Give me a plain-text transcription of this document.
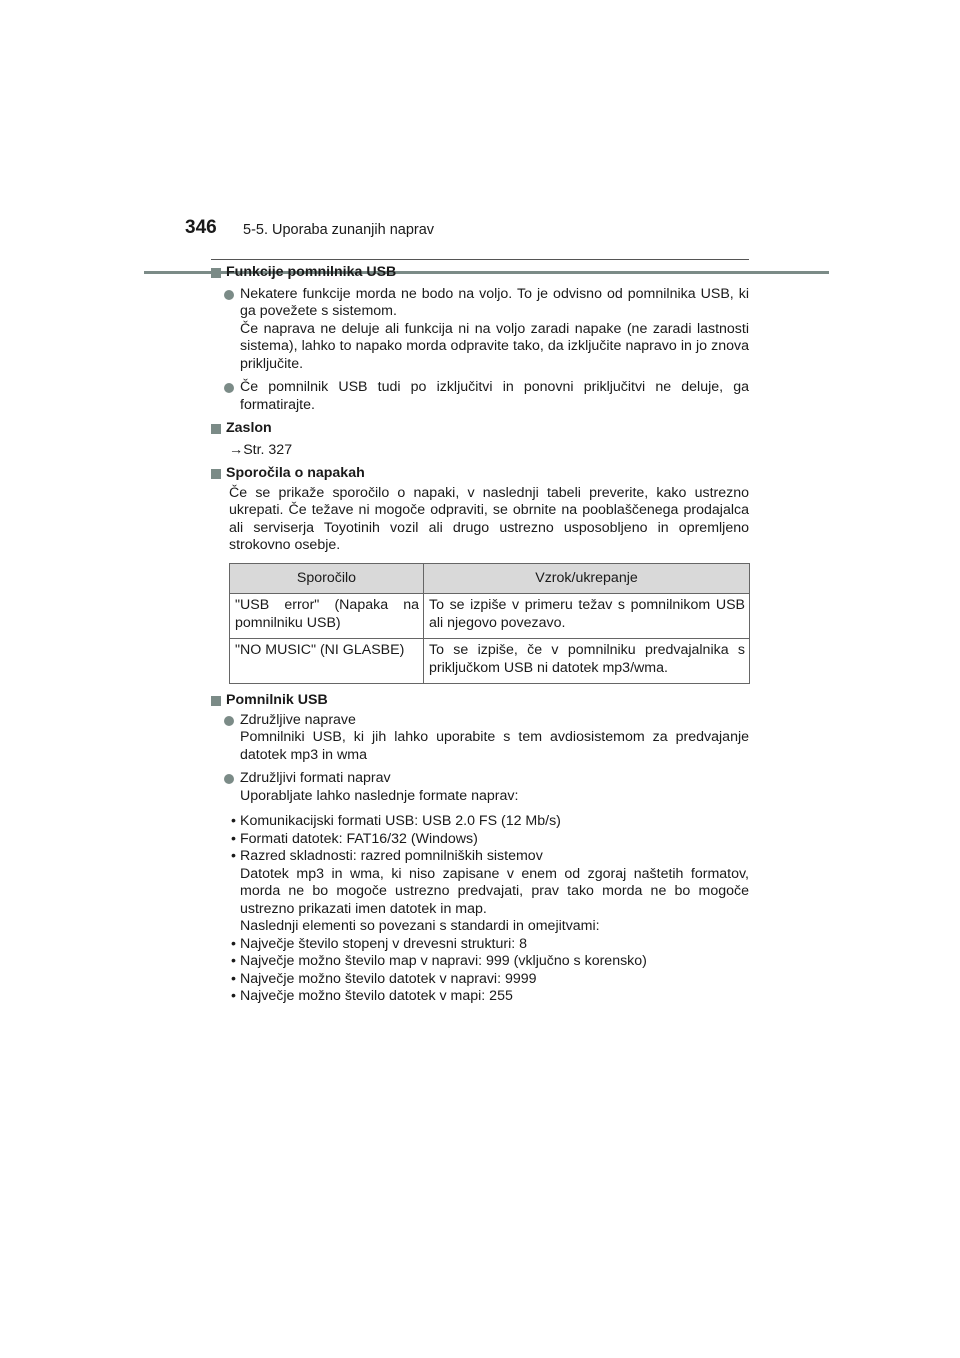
346 5-5. Uporaba zunanjih naprav

Funkcije pomnilnika USB

Nekatere funkcije morda ne bodo na voljo. To je odvisno od pomnilnika USB, ki ga povežete s sistemom.
Če naprava ne deluje ali funkcija ni na voljo zaradi napake (ne zaradi lastnosti sistema), lahko to napako morda odpravite tako, da izključite napravo in jo znova priključite.
Če pomnilnik USB tudi po izključitvi in ponovni priključitvi ne deluje, ga formatirajte.

Zaslon

→Str. 327

Sporočila o napakah

Če se prikaže sporočilo o napaki, v naslednji tabeli preverite, kako ustrezno ukrepati. Če težave ni mogoče odpraviti, se obrnite na pooblaščenega prodajalca ali serviserja Toyotinih vozil ali drugo ustrezno usposobljeno in opremljeno strokovno osebje.

Sporočilo	Vzrok/ukrepanje
"USB error" (Napaka na pomnilniku USB)	To se izpiše v primeru težav s pomnilnikom USB ali njegovo povezavo.
"NO MUSIC" (NI GLASBE)	To se izpiše, če v pomnilniku predvajalnika s priključkom USB ni datotek mp3/wma.

Pomnilnik USB

Združljive naprave
Pomnilniki USB, ki jih lahko uporabite s tem avdiosistemom za predvajanje datotek mp3 in wma
Združljivi formati naprav
Uporabljate lahko naslednje formate naprav:

• Komunikacijski formati USB: USB 2.0 FS (12 Mb/s)

• Formati datotek: FAT16/32 (Windows)

• Razred skladnosti: razred pomnilniških sistemov

Datotek mp3 in wma, ki niso zapisane v enem od zgoraj naštetih formatov, morda ne bo mogoče ustrezno predvajati, prav tako morda ne bo mogoče ustrezno prikazati imen datotek in map.

Naslednji elementi so povezani s standardi in omejitvami:

• Največje število stopenj v drevesni strukturi: 8

• Največje možno število map v napravi: 999 (vključno s korensko)

• Največje možno število datotek v napravi: 9999

• Največje možno število datotek v mapi: 255
